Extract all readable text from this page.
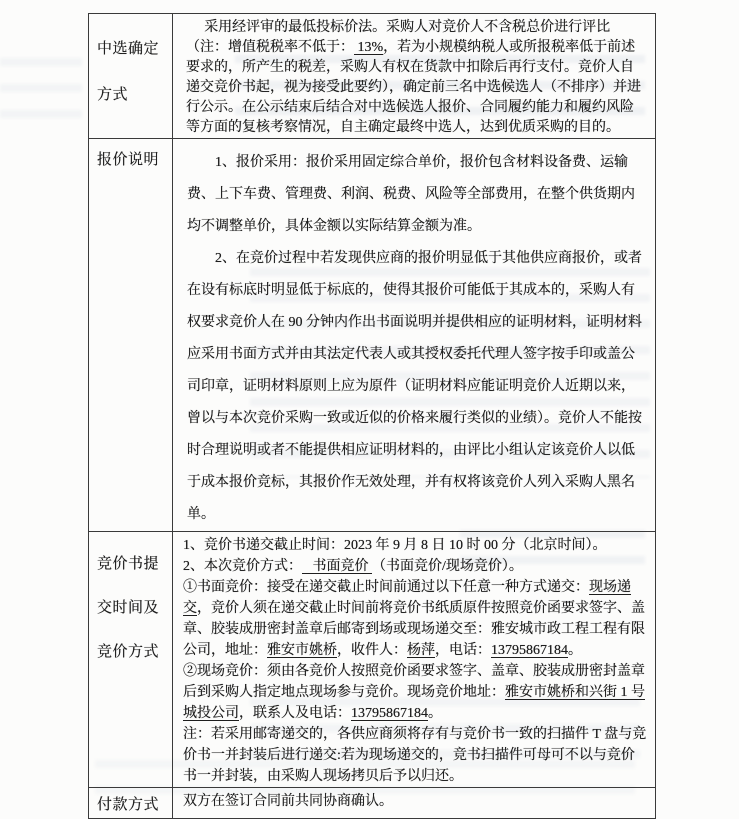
中选确定方式

采用经评审的最低投标价法。采购人对竞价人不含税总价进行评比（注：增值税税率不低于： 13%，若为小规模纳税人或所报税率低于前述要求的，所产生的税差，采购人有权在货款中扣除后再行支付。竞价人自递交竞价书起，视为接受此要约），确定前三名中选候选人（不排序）并进行公示。在公示结束后结合对中选候选人报价、合同履约能力和履约风险等方面的复核考察情况，自主确定最终中选人，达到优质采购的目的。

报价说明	1、报价采用：报价采用固定综合单价，报价包含材料设备费、运输费、上下车费、管理费、利润、税费、风险等全部费用，在整个供货期内均不调整单价，具体金额以实际结算金额为准。

2、在竞价过程中若发现供应商的报价明显低于其他供应商报价，或者在设有标底时明显低于标底的，使得其报价可能低于其成本的，采购人有权要求竞价人在 90 分钟内作出书面说明并提供相应的证明材料，证明材料应采用书面方式并由其法定代表人或其授权委托代理人签字按手印或盖公司印章，证明材料原则上应为原件（证明材料应能证明竞价人近期以来，曾以与本次竞价采购一致或近似的价格来履行类似的业绩）。竞价人不能按时合理说明或者不能提供相应证明材料的，由评比小组认定该竞价人以低于成本报价竞标，其报价作无效处理，并有权将该竞价人列入采购人黑名单。

竞价书提交时间及竞价方式

1、竞价书递交截止时间：2023 年 9 月 8 日 10 时 00 分（北京时间）。

2、本次竞价方式：   书面竞价 （书面竞价/现场竞价）。

①书面竞价：接受在递交截止时间前通过以下任意一种方式递交：现场递交，竞价人须在递交截止时间前将竞价书纸质原件按照竞价函要求签字、盖章、胶装成册密封盖章后邮寄到场或现场递交至：雅安城市政工程工程有限公司，地址：雅安市姚桥，收件人：杨萍，电话：13795867184。

②现场竞价：须由各竞价人按照竞价函要求签字、盖章、胶装成册密封盖章后到采购人指定地点现场参与竞价。现场竞价地址：雅安市姚桥和兴街 1 号城投公司，联系人及电话：13795867184。

注：若采用邮寄递交的，各供应商须将存有与竞价书一致的扫描件 T 盘与竞价书一并封装后进行递交:若为现场递交的，竞书扫描件可母可不以与竞价书一并封装，由采购人现场拷贝后予以归还。

付款方式	双方在签订合同前共同协商确认。
